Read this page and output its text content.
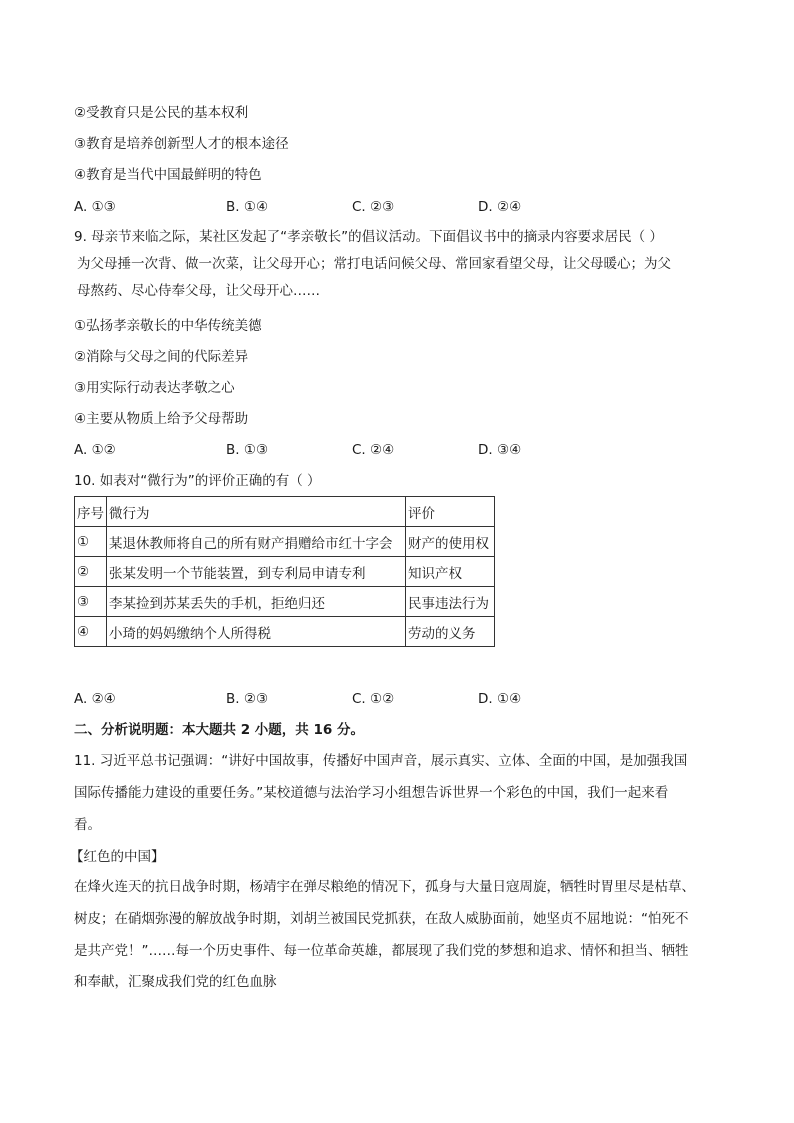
②受教育只是公民的基本权利
③教育是培养创新型人才的根本途径
④教育是当代中国最鲜明的特色
A. ①③	B. ①④	C. ②③	D. ②④
9. 母亲节来临之际，某社区发起了“孝亲敬长”的倡议活动。下面倡议书中的摘录内容要求居民（ ）
为父母捶一次背、做一次菜，让父母开心；常打电话问候父母、常回家看望父母，让父母暖心；为父
母熬药、尽心侍奉父母，让父母开心……
①弘扬孝亲敬长的中华传统美德
②消除与父母之间的代际差异
③用实际行动表达孝敬之心
④主要从物质上给予父母帮助
A. ①②	B. ①③	C. ②④	D. ③④
10. 如表对“微行为”的评价正确的有（ ）
序号	微行为	评价
①	某退休教师将自己的所有财产捐赠给市红十字会	财产的使用权
②	张某发明一个节能装置，到专利局申请专利	知识产权
③	李某捡到苏某丢失的手机，拒绝归还	民事违法行为
④	小琦的妈妈缴纳个人所得税	劳动的义务
A. ②④	B. ②③	C. ①②	D. ①④
二、分析说明题：本大题共 2 小题，共 16 分。
11. 习近平总书记强调：“讲好中国故事，传播好中国声音，展示真实、立体、全面的中国，是加强我国
国际传播能力建设的重要任务。”某校道德与法治学习小组想告诉世界一个彩色的中国，我们一起来看
看。
【红色的中国】
在烽火连天的抗日战争时期，杨靖宇在弹尽粮绝的情况下，孤身与大量日寇周旋，牺牲时胃里尽是枯草、
树皮；在硝烟弥漫的解放战争时期，刘胡兰被国民党抓获，在敌人威胁面前，她坚贞不屈地说：“怕死不
是共产党！”……每一个历史事件、每一位革命英雄，都展现了我们党的梦想和追求、情怀和担当、牺牲
和奉献，汇聚成我们党的红色血脉
